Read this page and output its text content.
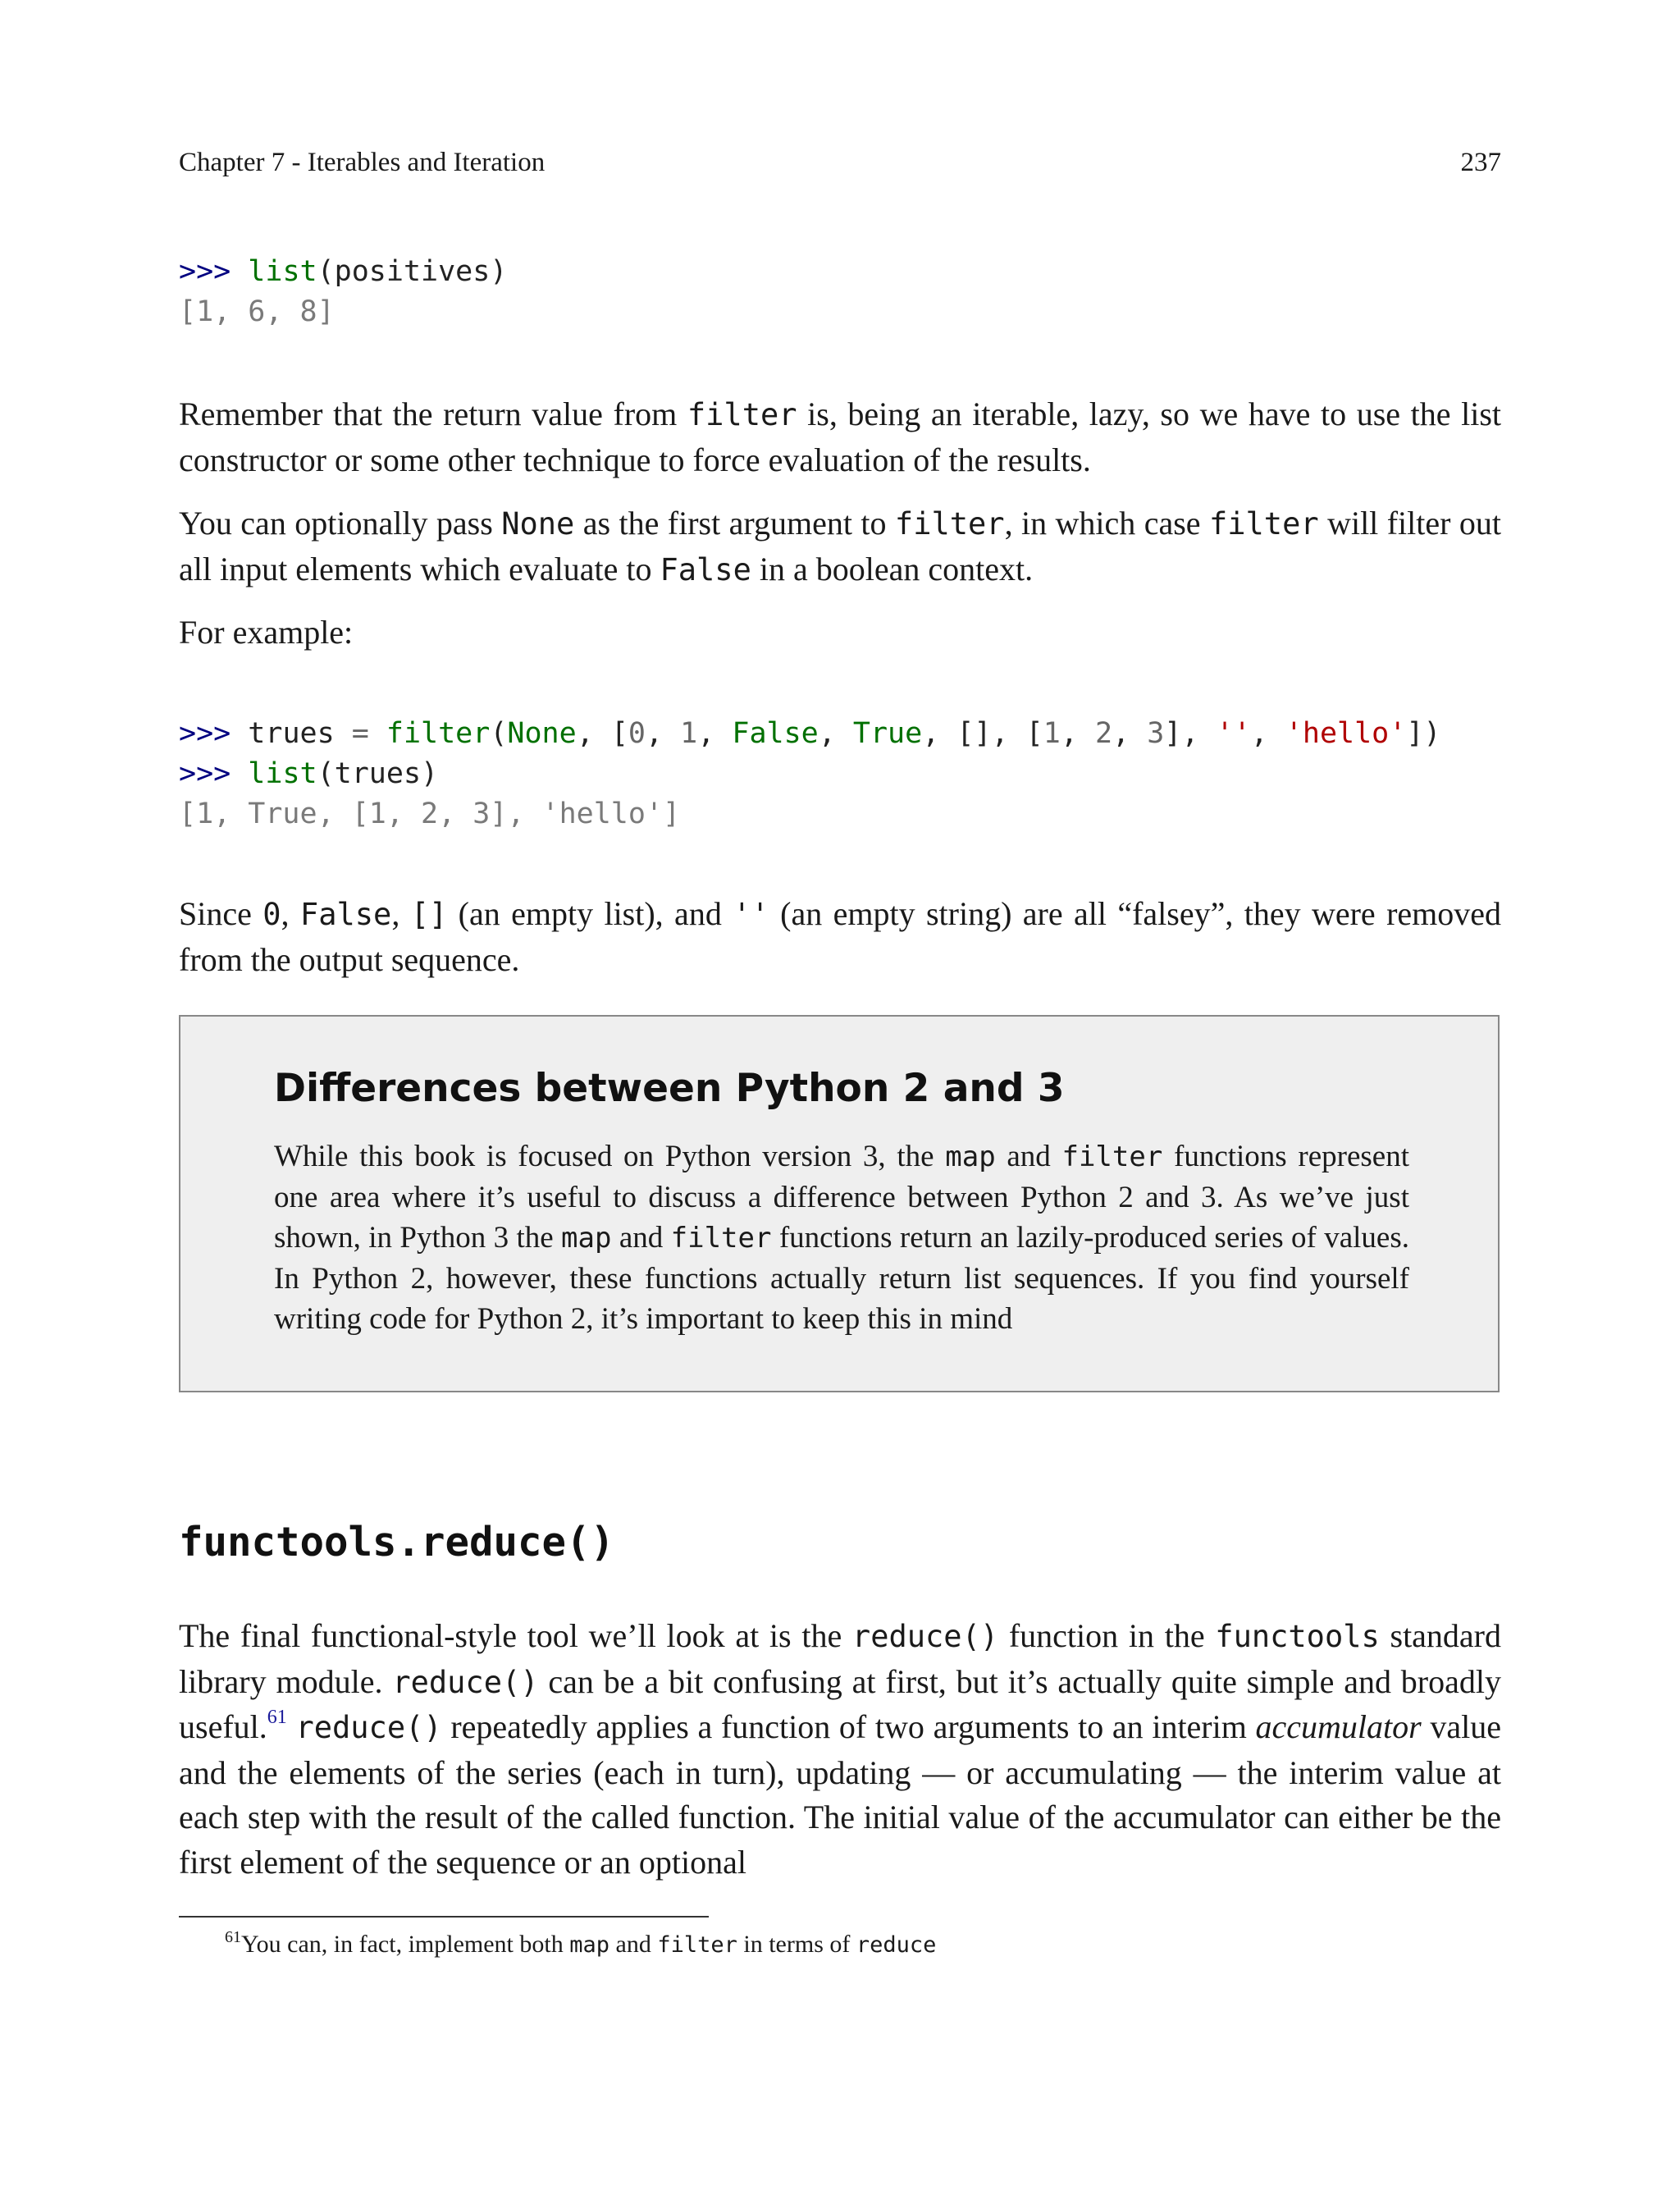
Chapter 7 - Iterables and Iteration	237
>>> list(positives)
[1, 6, 8]

Remember that the return value from filter is, being an iterable, lazy, so we have to use the list constructor or some other technique to force evaluation of the results.

You can optionally pass None as the first argument to filter, in which case filter will filter out all input elements which evaluate to False in a boolean context.

For example:

>>> trues = filter(None, [0, 1, False, True, [], [1, 2, 3], '', 'hello'])
>>> list(trues)
[1, True, [1, 2, 3], 'hello']

Since 0, False, [] (an empty list), and '' (an empty string) are all “falsey”, they were removed from the output sequence.

Differences between Python 2 and 3

While this book is focused on Python version 3, the map and filter functions represent one area where it’s useful to discuss a difference between Python 2 and 3. As we’ve just shown, in Python 3 the map and filter functions return an lazily-produced series of values. In Python 2, however, these functions actually return list sequences. If you find yourself writing code for Python 2, it’s important to keep this in mind

functools.reduce()

The final functional-style tool we’ll look at is the reduce() function in the functools standard library module. reduce() can be a bit confusing at first, but it’s actually quite simple and broadly useful.$^{61}$ reduce() repeatedly applies a function of two arguments to an interim accumulator value and the elements of the series (each in turn), updating — or accumulating — the interim value at each step with the result of the called function. The initial value of the accumulator can either be the first element of the sequence or an optional

$^{61}$You can, in fact, implement both map and filter in terms of reduce
